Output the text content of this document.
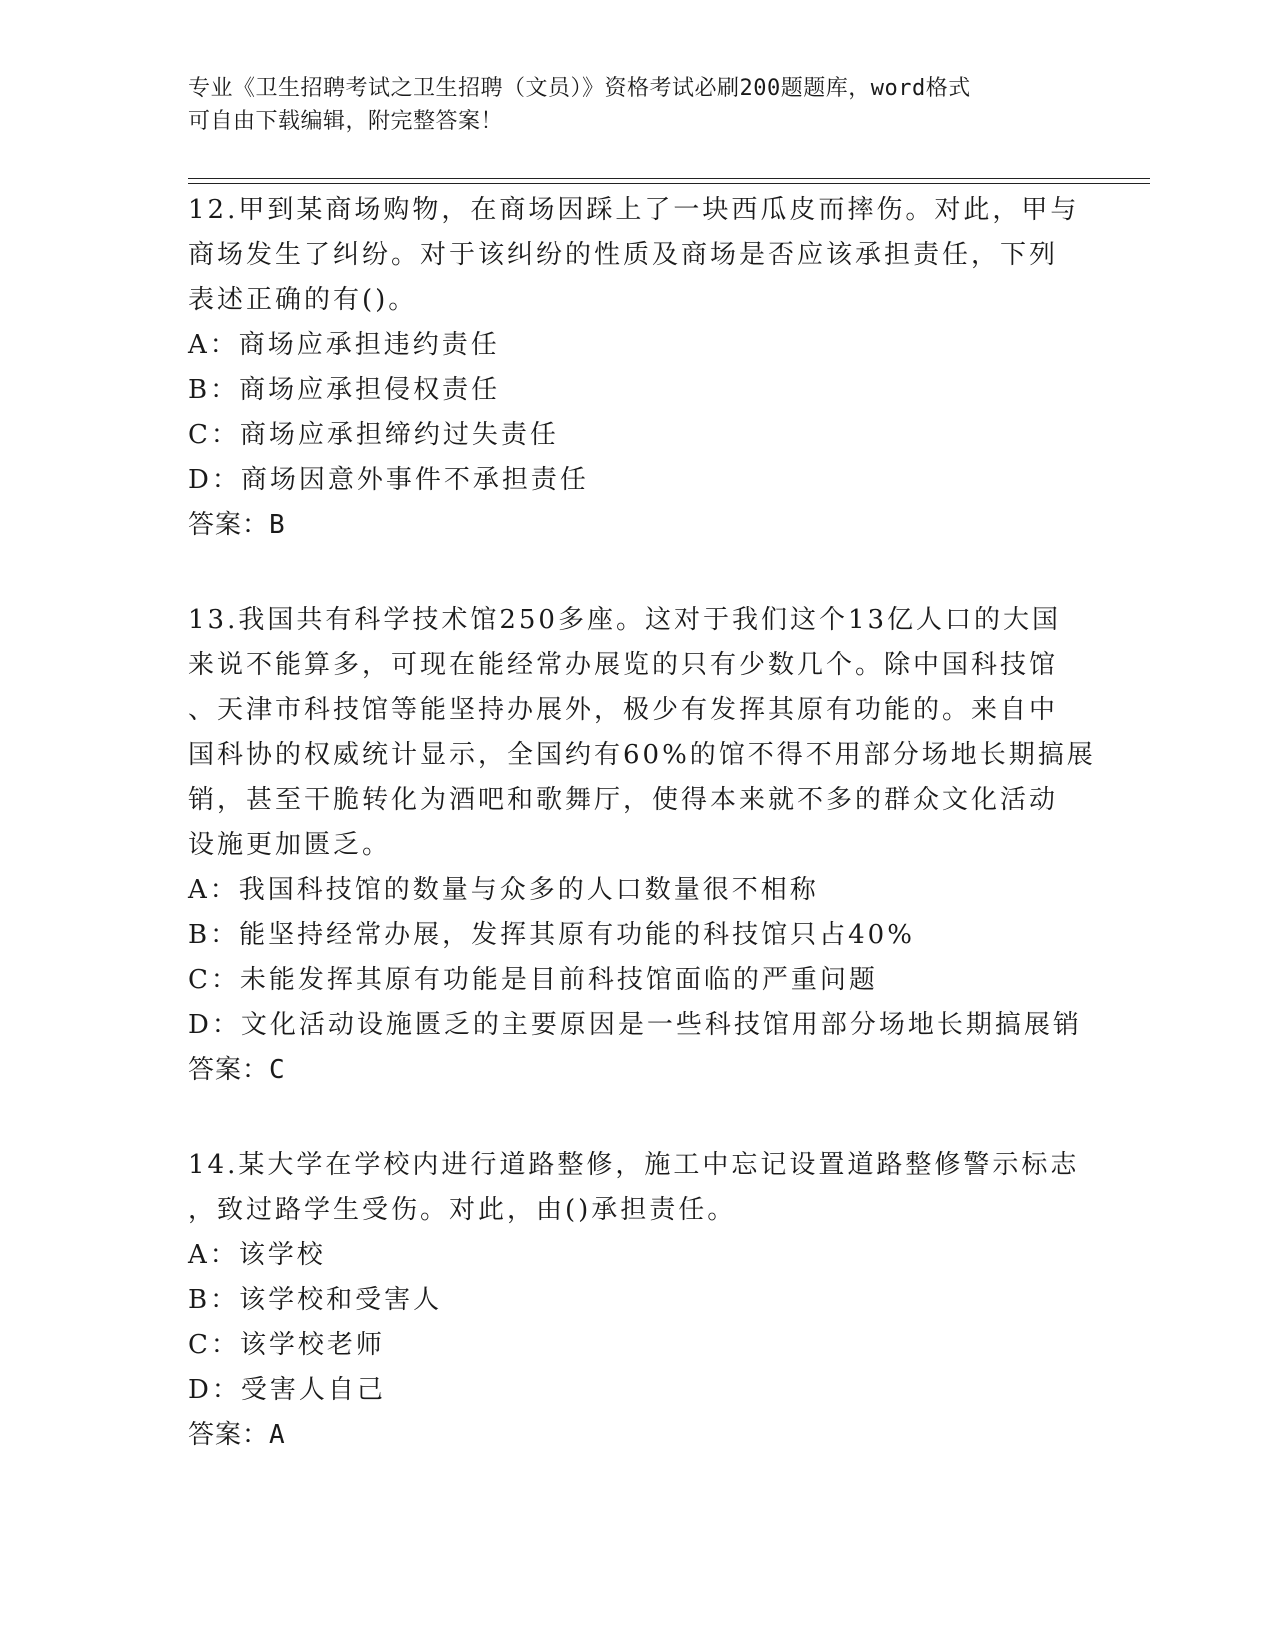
专业《卫生招聘考试之卫生招聘（文员）》资格考试必刷200题题库，word格式
可自由下载编辑，附完整答案！
12.甲到某商场购物，在商场因踩上了一块西瓜皮而摔伤。对此，甲与
商场发生了纠纷。对于该纠纷的性质及商场是否应该承担责任，下列
表述正确的有()。
A：商场应承担违约责任
B：商场应承担侵权责任
C：商场应承担缔约过失责任
D：商场因意外事件不承担责任
答案：B
13.我国共有科学技术馆250多座。这对于我们这个13亿人口的大国
来说不能算多，可现在能经常办展览的只有少数几个。除中国科技馆
、天津市科技馆等能坚持办展外，极少有发挥其原有功能的。来自中
国科协的权威统计显示，全国约有60%的馆不得不用部分场地长期搞展
销，甚至干脆转化为酒吧和歌舞厅，使得本来就不多的群众文化活动
设施更加匮乏。
A：我国科技馆的数量与众多的人口数量很不相称
B：能坚持经常办展，发挥其原有功能的科技馆只占40%
C：未能发挥其原有功能是目前科技馆面临的严重问题
D：文化活动设施匮乏的主要原因是一些科技馆用部分场地长期搞展销
答案：C
14.某大学在学校内进行道路整修，施工中忘记设置道路整修警示标志
，致过路学生受伤。对此，由()承担责任。
A：该学校
B：该学校和受害人
C：该学校老师
D：受害人自己
答案：A
